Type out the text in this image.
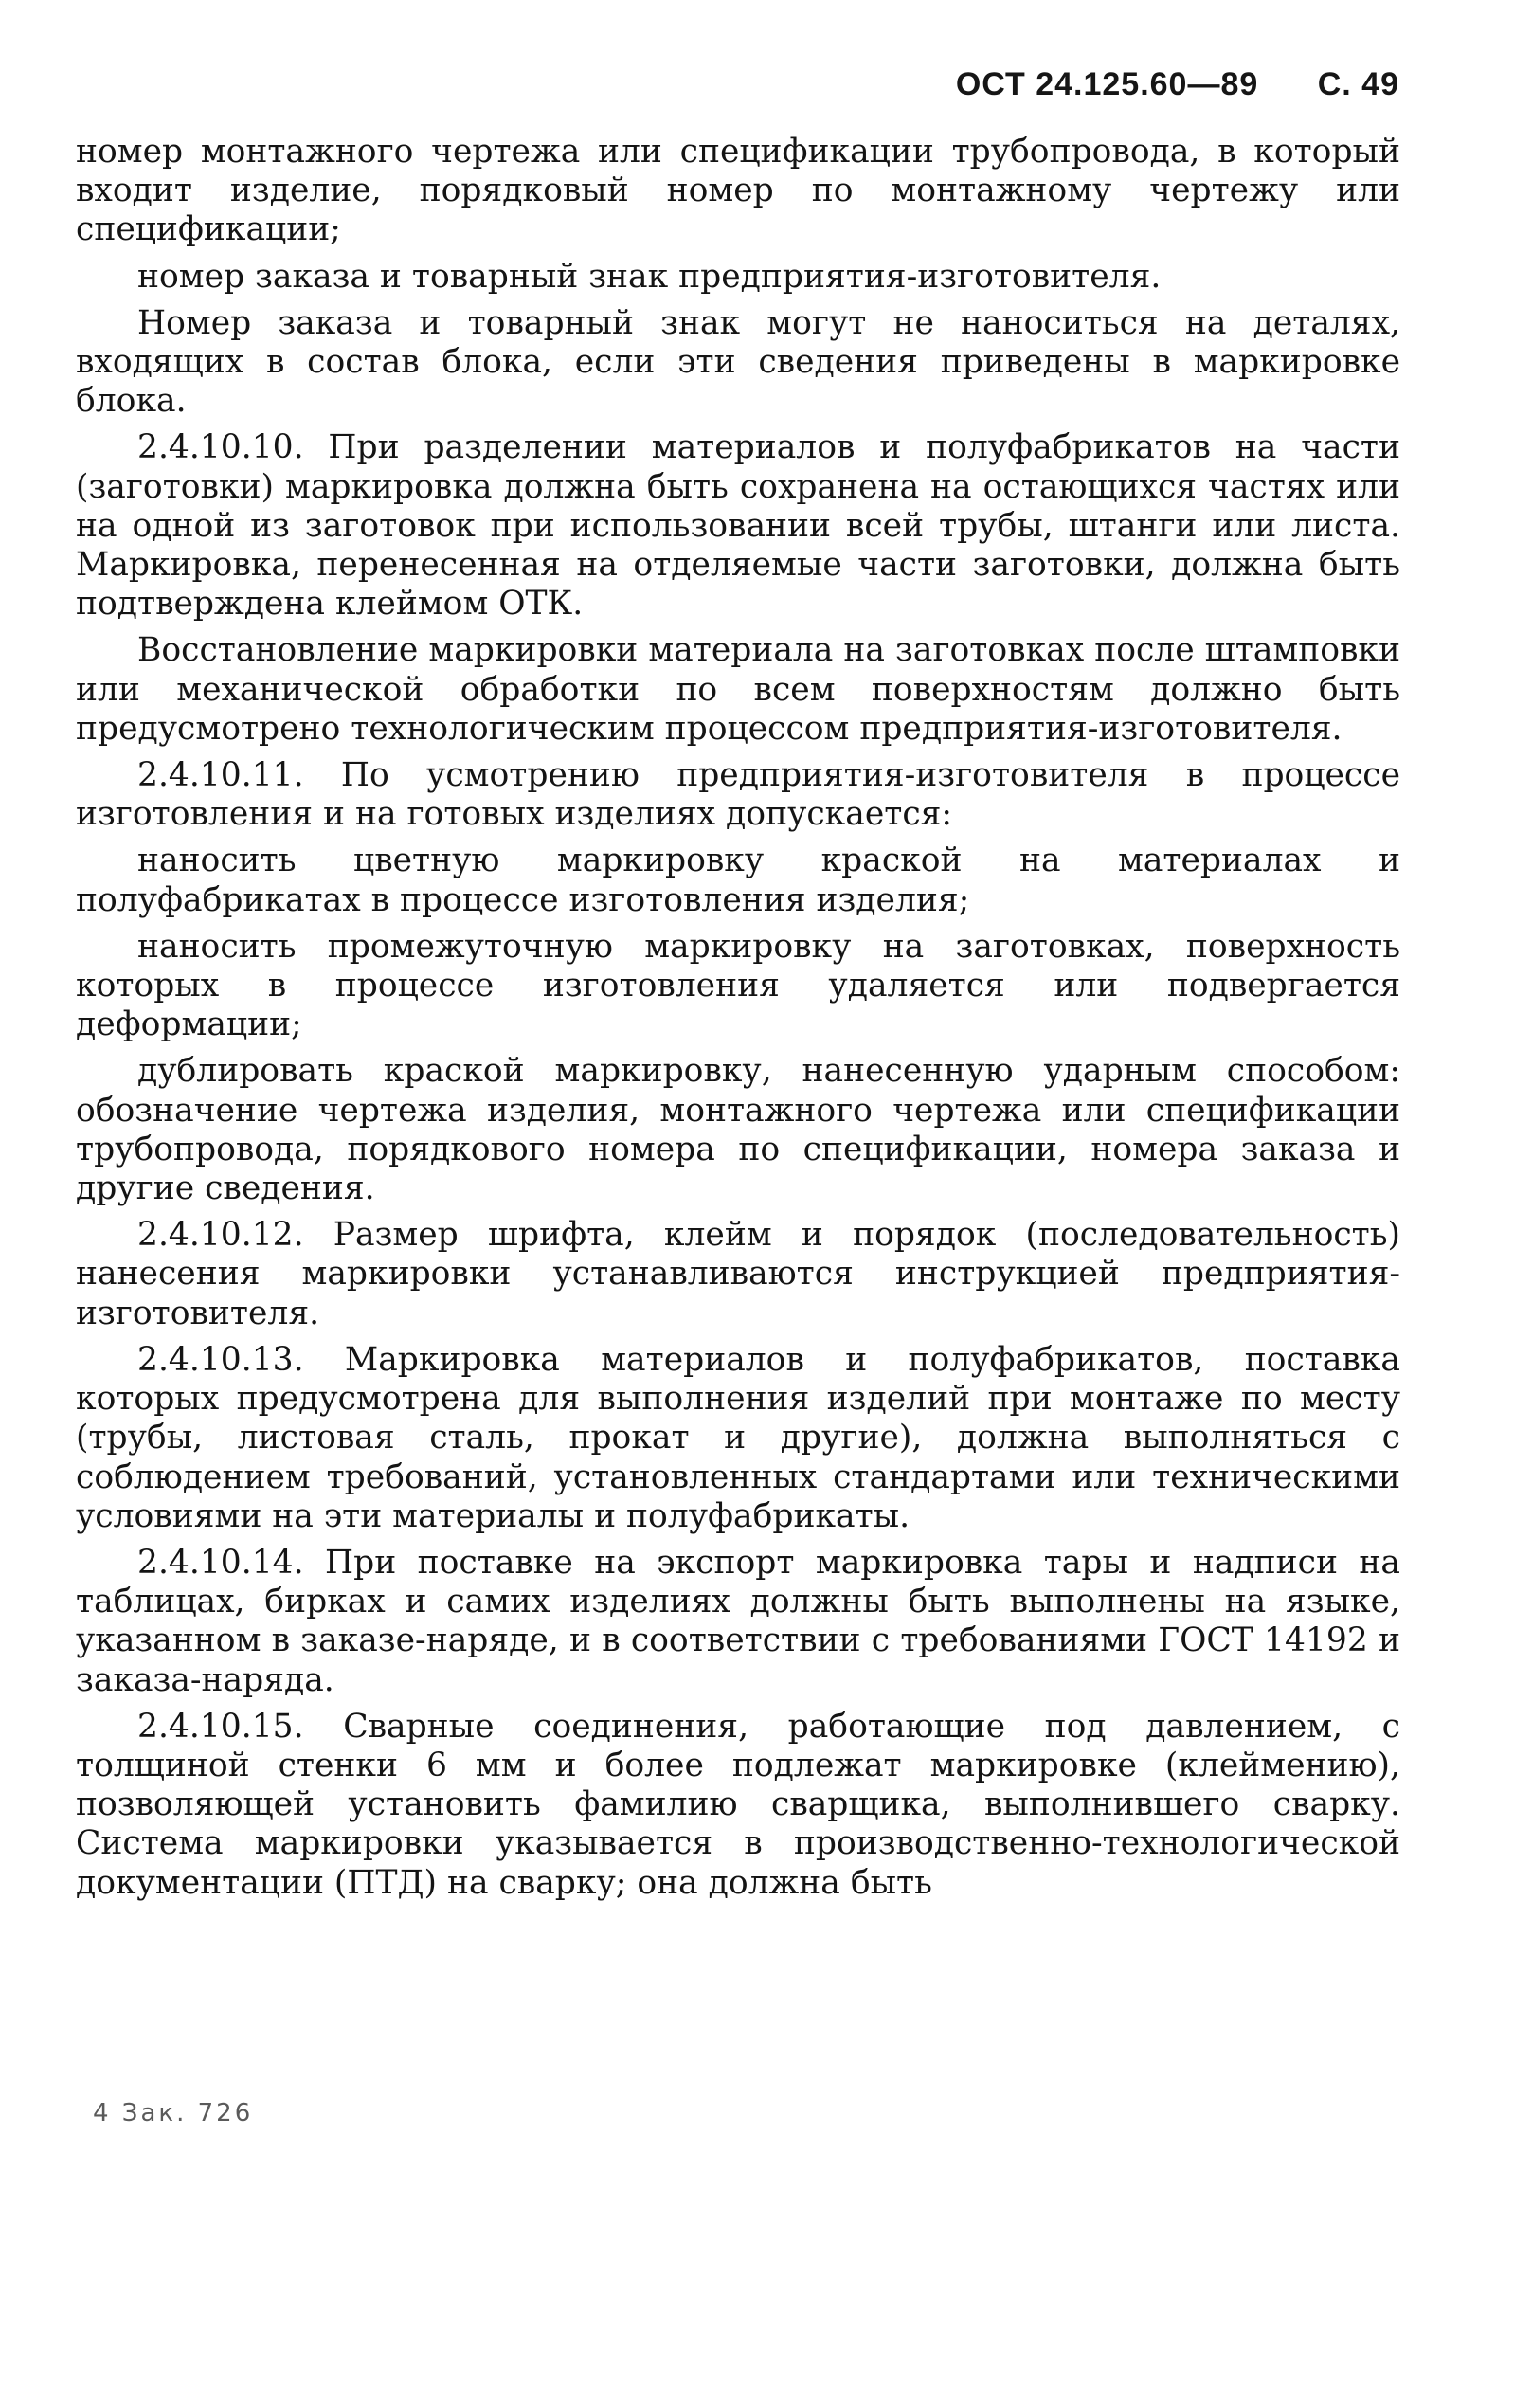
ОСТ 24.125.60—89 С. 49

номер монтажного чертежа или спецификации трубопровода, в который входит изделие, порядковый номер по монтажному чертежу или спецификации;

номер заказа и товарный знак предприятия-изготовителя.

Номер заказа и товарный знак могут не наноситься на деталях, входящих в состав блока, если эти сведения приведены в маркировке блока.

2.4.10.10. При разделении материалов и полуфабрикатов на части (заготовки) маркировка должна быть сохранена на остающихся частях или на одной из заготовок при использовании всей трубы, штанги или листа. Маркировка, перенесенная на отделяемые части заготовки, должна быть подтверждена клеймом ОТК.

Восстановление маркировки материала на заготовках после штамповки или механической обработки по всем поверхностям должно быть предусмотрено технологическим процессом предприятия-изготовителя.

2.4.10.11. По усмотрению предприятия-изготовителя в процессе изготовления и на готовых изделиях допускается:

наносить цветную маркировку краской на материалах и полуфабрикатах в процессе изготовления изделия;

наносить промежуточную маркировку на заготовках, поверхность которых в процессе изготовления удаляется или подвергается деформации;

дублировать краской маркировку, нанесенную ударным способом: обозначение чертежа изделия, монтажного чертежа или спецификации трубопровода, порядкового номера по спецификации, номера заказа и другие сведения.

2.4.10.12. Размер шрифта, клейм и порядок (последовательность) нанесения маркировки устанавливаются инструкцией предприятия-изготовителя.

2.4.10.13. Маркировка материалов и полуфабрикатов, поставка которых предусмотрена для выполнения изделий при монтаже по месту (трубы, листовая сталь, прокат и другие), должна выполняться с соблюдением требований, установленных стандартами или техническими условиями на эти материалы и полуфабрикаты.

2.4.10.14. При поставке на экспорт маркировка тары и надписи на таблицах, бирках и самих изделиях должны быть выполнены на языке, указанном в заказе-наряде, и в соответствии с требованиями ГОСТ 14192 и заказа-наряда.

2.4.10.15. Сварные соединения, работающие под давлением, с толщиной стенки 6 мм и более подлежат маркировке (клеймению), позволяющей установить фамилию сварщика, выполнившего сварку. Система маркировки указывается в производственно-технологической документации (ПТД) на сварку; она должна быть

4 Зак. 726
